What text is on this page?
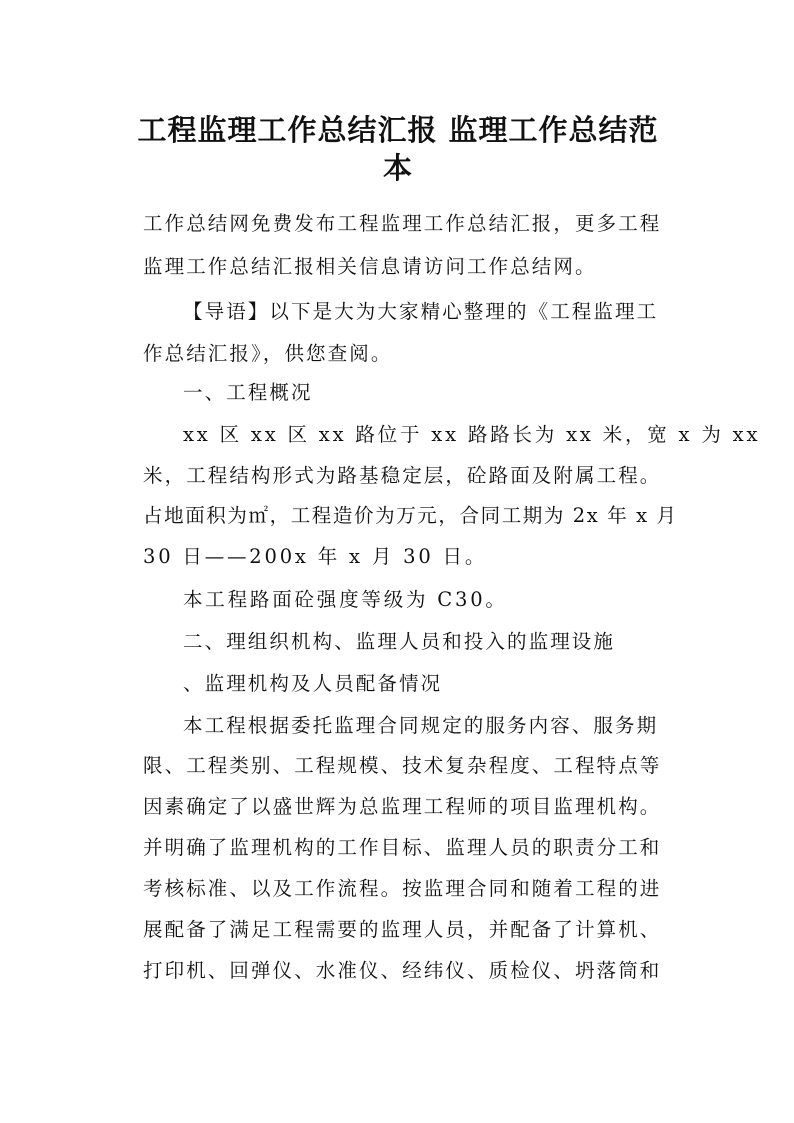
工程监理工作总结汇报 监理工作总结范
本

工作总结网免费发布工程监理工作总结汇报，更多工程

监理工作总结汇报相关信息请访问工作总结网。

【导语】以下是大为大家精心整理的《工程监理工

作总结汇报》，供您查阅。

一、工程概况

xx 区 xx 区 xx 路位于 xx 路路长为 xx 米，宽 x 为 xx

米，工程结构形式为路基稳定层，砼路面及附属工程。

占地面积为㎡，工程造价为万元，合同工期为 2x 年 x 月

30 日——200x 年 x 月 30 日。

本工程路面砼强度等级为 C30。

二、理组织机构、监理人员和投入的监理设施

、监理机构及人员配备情况

本工程根据委托监理合同规定的服务内容、服务期

限、工程类别、工程规模、技术复杂程度、工程特点等

因素确定了以盛世辉为总监理工程师的项目监理机构。

并明确了监理机构的工作目标、监理人员的职责分工和

考核标准、以及工作流程。按监理合同和随着工程的进

展配备了满足工程需要的监理人员，并配备了计算机、

打印机、回弹仪、水准仪、经纬仪、质检仪、坍落筒和
